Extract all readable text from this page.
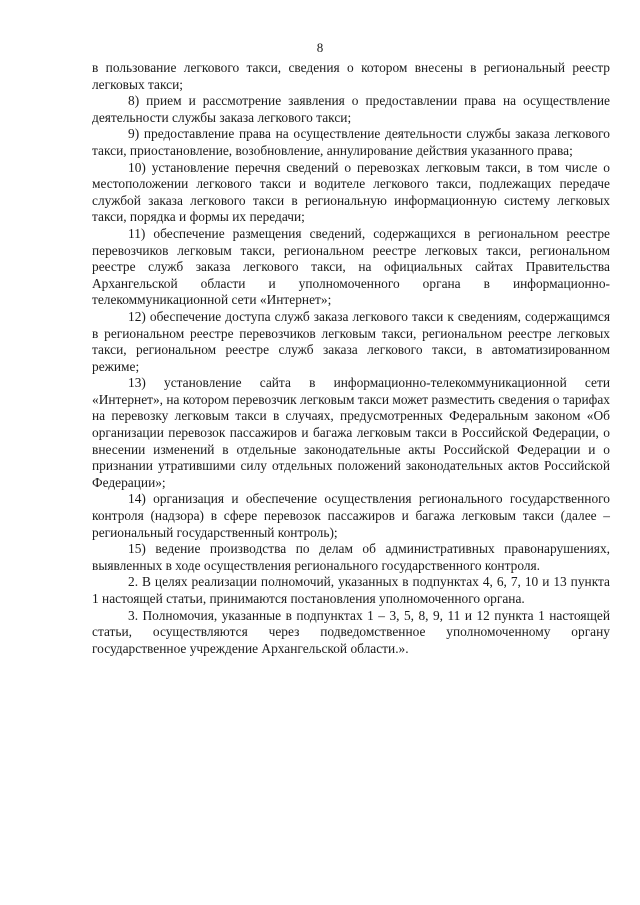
8

в пользование легкового такси, сведения о котором внесены в региональный реестр легковых такси;

8) прием и рассмотрение заявления о предоставлении права на осуществление деятельности службы заказа легкового такси;

9) предоставление права на осуществление деятельности службы заказа легкового такси, приостановление, возобновление, аннулирование действия указанного права;

10) установление перечня сведений о перевозках легковым такси, в том числе о местоположении легкового такси и водителе легкового такси, подлежащих передаче службой заказа легкового такси в региональную информационную систему легковых такси, порядка и формы их передачи;

11) обеспечение размещения сведений, содержащихся в региональном реестре перевозчиков легковым такси, региональном реестре легковых такси, региональном реестре служб заказа легкового такси, на официальных сайтах Правительства Архангельской области и уполномоченного органа в информационно-телекоммуникационной сети «Интернет»;

12) обеспечение доступа служб заказа легкового такси к сведениям, содержащимся в региональном реестре перевозчиков легковым такси, региональном реестре легковых такси, региональном реестре служб заказа легкового такси, в автоматизированном режиме;

13) установление сайта в информационно-телекоммуникационной сети «Интернет», на котором перевозчик легковым такси может разместить сведения о тарифах на перевозку легковым такси в случаях, предусмотренных Федеральным законом «Об организации перевозок пассажиров и багажа легковым такси в Российской Федерации, о внесении изменений в отдельные законодательные акты Российской Федерации и о признании утратившими силу отдельных положений законодательных актов Российской Федерации»;

14) организация и обеспечение осуществления регионального государственного контроля (надзора) в сфере перевозок пассажиров и багажа легковым такси (далее – региональный государственный контроль);

15) ведение производства по делам об административных правонарушениях, выявленных в ходе осуществления регионального государственного контроля.

2. В целях реализации полномочий, указанных в подпунктах 4, 6, 7, 10 и 13 пункта 1 настоящей статьи, принимаются постановления уполномоченного органа.

3. Полномочия, указанные в подпунктах 1 – 3, 5, 8, 9, 11 и 12 пункта 1 настоящей статьи, осуществляются через подведомственное уполномоченному органу государственное учреждение Архангельской области.».
